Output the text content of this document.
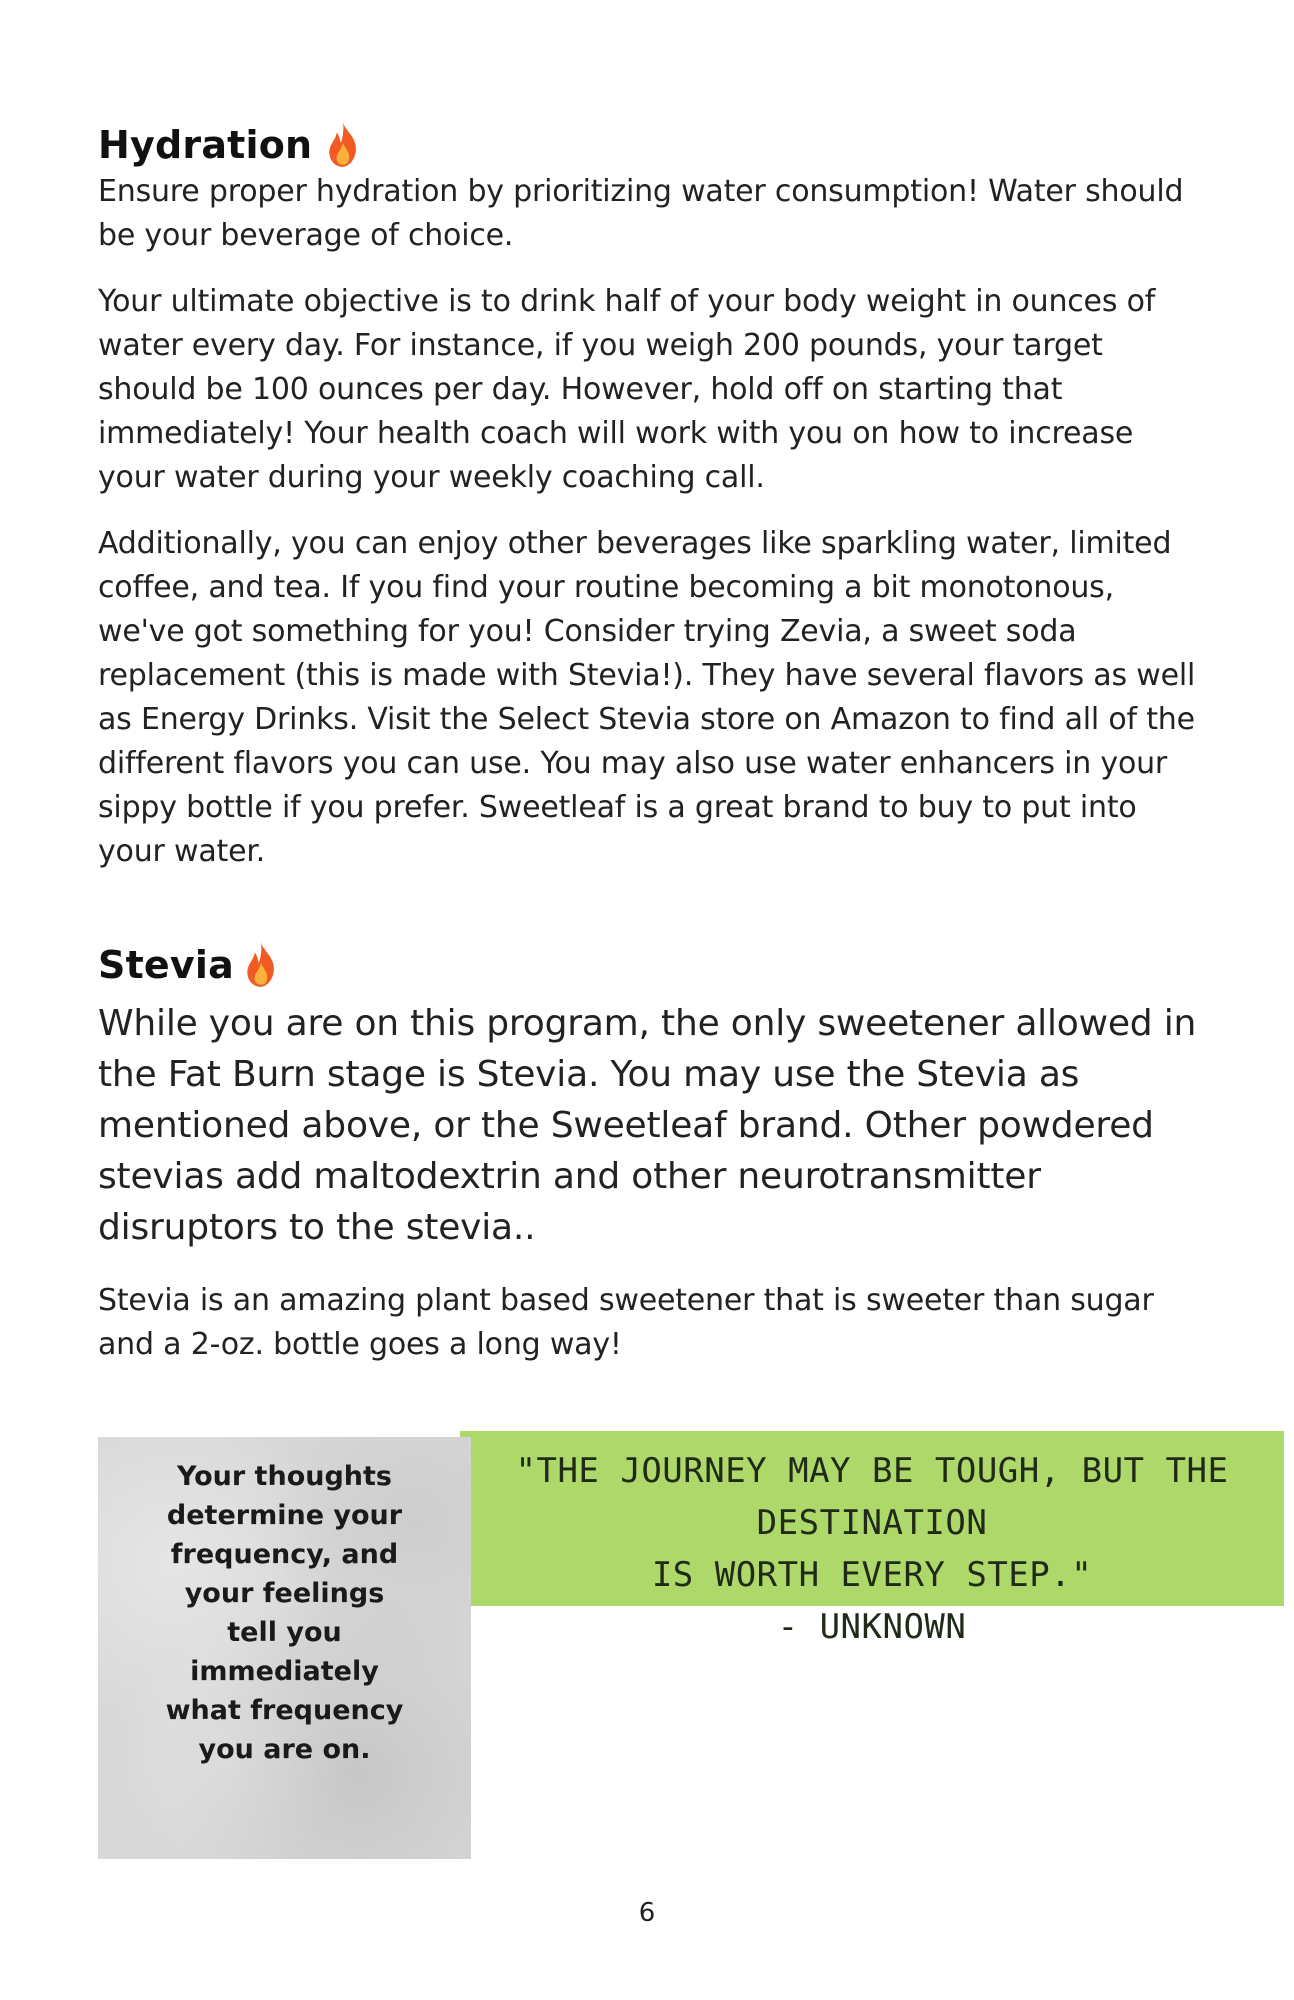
Hydration

Ensure proper hydration by prioritizing water consumption! Water should be your beverage of choice.

Your ultimate objective is to drink half of your body weight in ounces of water every day. For instance, if you weigh 200 pounds, your target should be 100 ounces per day. However, hold off on starting that immediately! Your health coach will work with you on how to increase your water during your weekly coaching call.

Additionally, you can enjoy other beverages like sparkling water, limited coffee, and tea. If you find your routine becoming a bit monotonous, we've got something for you! Consider trying Zevia, a sweet soda replacement (this is made with Stevia!). They have several flavors as well as Energy Drinks. Visit the Select Stevia store on Amazon to find all of the different flavors you can use. You may also use water enhancers in your sippy bottle if you prefer. Sweetleaf is a great brand to buy to put into your water.

Stevia

While you are on this program, the only sweetener allowed in the Fat Burn stage is Stevia. You may use the Stevia as mentioned above, or the Sweetleaf brand. Other powdered stevias add maltodextrin and other neurotransmitter disruptors to the stevia..

Stevia is an amazing plant based sweetener that is sweeter than sugar and a 2-oz. bottle goes a long way!

"THE JOURNEY MAY BE TOUGH, BUT THE DESTINATION
IS WORTH EVERY STEP."
- UNKNOWN
Your thoughts determine your frequency, and your feelings tell you immediately what frequency you are on.
6
